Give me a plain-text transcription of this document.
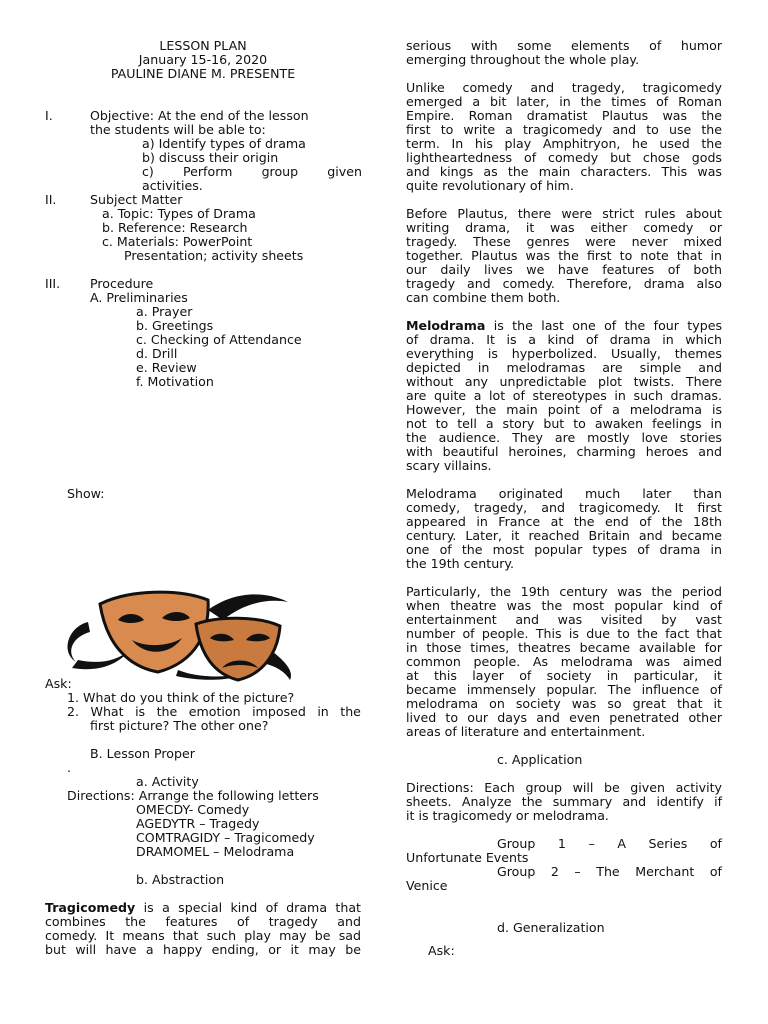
LESSON PLAN
January 15-16, 2020
PAULINE DIANE M. PRESENTE
I.	Objective: At the end of the lesson
the students will be able to:
a) Identify types of drama
b) discuss their origin
c) Perform group given
activities.
II.	Subject Matter
a. Topic: Types of Drama
b. Reference: Research
c. Materials: PowerPoint
Presentation; activity sheets
III. Procedure
A. Preliminaries
a. Prayer
b. Greetings
c. Checking of Attendance
d. Drill
e. Review
f. Motivation
Show:
Ask:
1. What do you think of the picture?
2. What is the emotion imposed in the
first picture? The other one?
B. Lesson Proper
.
a. Activity
Directions: Arrange the following letters
OMECDY- Comedy
AGEDYTR – Tragedy
COMTRAGIDY – Tragicomedy
DRAMOMEL – Melodrama
b. Abstraction
Tragicomedy is a special kind of drama that
combines the features of tragedy and
comedy. It means that such play may be sad
but will have a happy ending, or it may be
serious with some elements of humor
emerging throughout the whole play.
Unlike comedy and tragedy, tragicomedy
emerged a bit later, in the times of Roman
Empire. Roman dramatist Plautus was the
first to write a tragicomedy and to use the
term. In his play Amphitryon, he used the
lightheartedness of comedy but chose gods
and kings as the main characters. This was
quite revolutionary of him.
Before Plautus, there were strict rules about
writing drama, it was either comedy or
tragedy. These genres were never mixed
together. Plautus was the first to note that in
our daily lives we have features of both
tragedy and comedy. Therefore, drama also
can combine them both.
Melodrama is the last one of the four types
of drama. It is a kind of drama in which
everything is hyperbolized. Usually, themes
depicted in melodramas are simple and
without any unpredictable plot twists. There
are quite a lot of stereotypes in such dramas.
However, the main point of a melodrama is
not to tell a story but to awaken feelings in
the audience. They are mostly love stories
with beautiful heroines, charming heroes and
scary villains.
Melodrama originated much later than
comedy, tragedy, and tragicomedy. It first
appeared in France at the end of the 18th
century. Later, it reached Britain and became
one of the most popular types of drama in
the 19th century.
Particularly, the 19th century was the period
when theatre was the most popular kind of
entertainment and was visited by vast
number of people. This is due to the fact that
in those times, theatres became available for
common people. As melodrama was aimed
at this layer of society in particular, it
became immensely popular. The influence of
melodrama on society was so great that it
lived to our days and even penetrated other
areas of literature and entertainment.
c. Application
Directions: Each group will be given activity
sheets. Analyze the summary and identify if
it is tragicomedy or melodrama.
Group 1 – A Series of
Unfortunate Events
Group 2 – The Merchant of
Venice
d. Generalization
Ask:
